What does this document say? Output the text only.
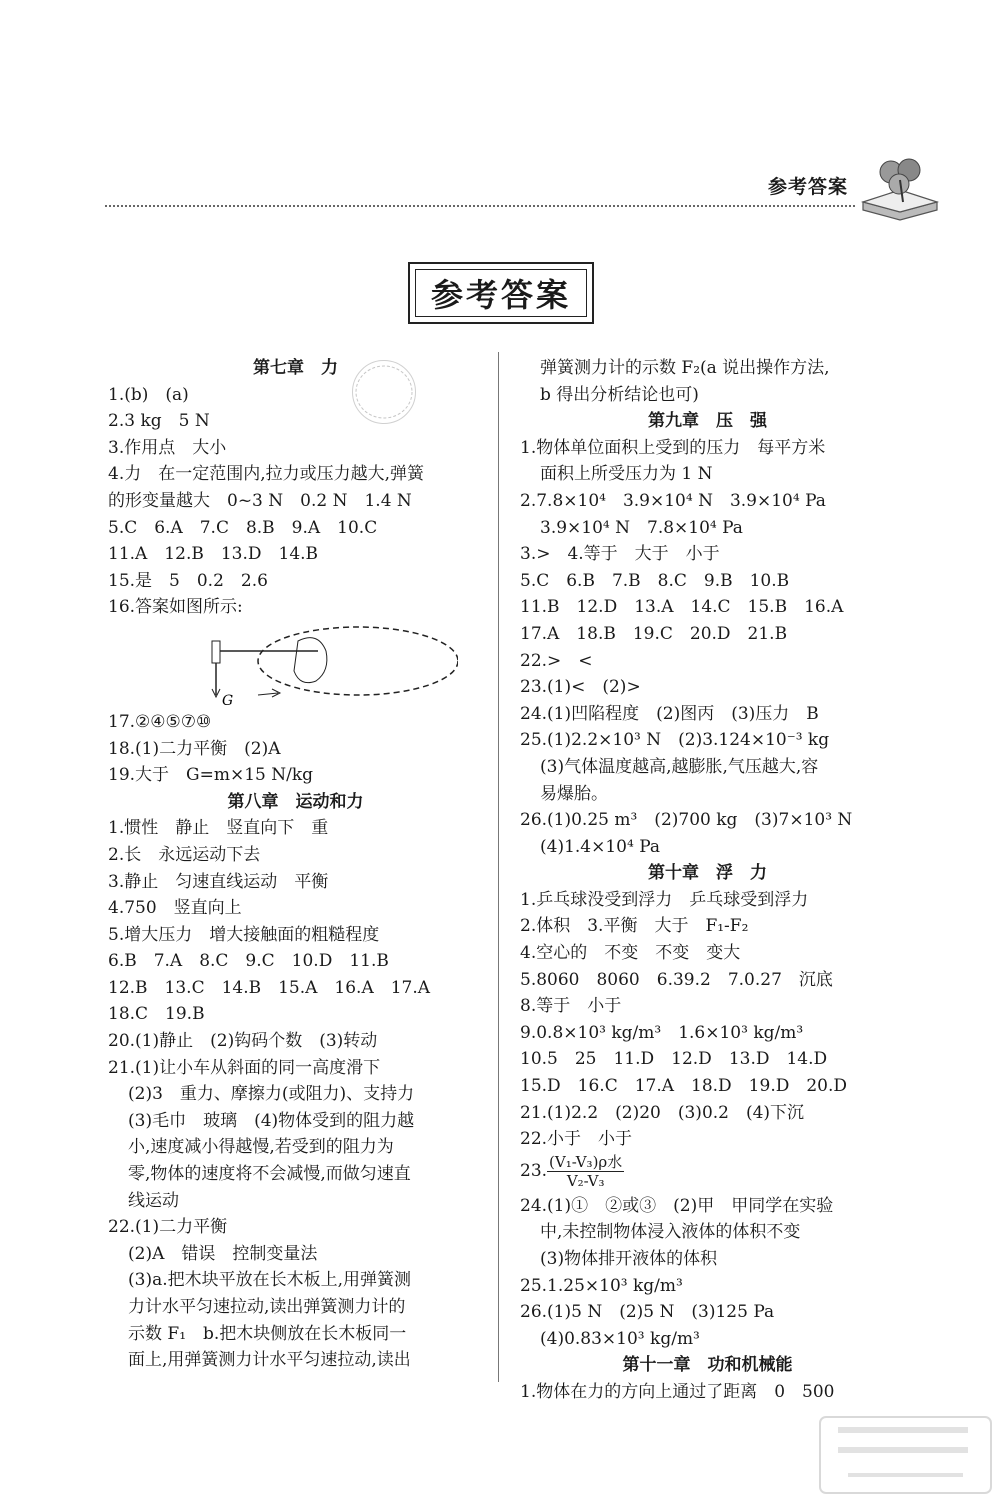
参考答案
参考答案
第七章　力
1.(b)　(a)
2.3 kg　5 N
3.作用点　大小
4.力　在一定范围内,拉力或压力越大,弹簧
的形变量越大　0~3 N　0.2 N　1.4 N
5.C　6.A　7.C　8.B　9.A　10.C
11.A　12.B　13.D　14.B
15.是　5　0.2　2.6
16.答案如图所示:
G
17.②④⑤⑦⑩
18.(1)二力平衡　(2)A
19.大于　G=m×15 N/kg
第八章　运动和力
1.惯性　静止　竖直向下　重
2.长　永远运动下去
3.静止　匀速直线运动　平衡
4.750　竖直向上
5.增大压力　增大接触面的粗糙程度
6.B　7.A　8.C　9.C　10.D　11.B
12.B　13.C　14.B　15.A　16.A　17.A
18.C　19.B
20.(1)静止　(2)钩码个数　(3)转动
21.(1)让小车从斜面的同一高度滑下
(2)3　重力、摩擦力(或阻力)、支持力
(3)毛巾　玻璃　(4)物体受到的阻力越
小,速度减小得越慢,若受到的阻力为
零,物体的速度将不会减慢,而做匀速直
线运动
22.(1)二力平衡
(2)A　错误　控制变量法
(3)a.把木块平放在长木板上,用弹簧测
力计水平匀速拉动,读出弹簧测力计的
示数 F₁　b.把木块侧放在长木板同一
面上,用弹簧测力计水平匀速拉动,读出
弹簧测力计的示数 F₂(a 说出操作方法,
b 得出分析结论也可)
第九章　压　强
1.物体单位面积上受到的压力　每平方米
面积上所受压力为 1 N
2.7.8×10⁴　3.9×10⁴ N　3.9×10⁴ Pa
3.9×10⁴ N　7.8×10⁴ Pa
3.>　4.等于　大于　小于
5.C　6.B　7.B　8.C　9.B　10.B
11.B　12.D　13.A　14.C　15.B　16.A
17.A　18.B　19.C　20.D　21.B
22.>　<
23.(1)<　(2)>
24.(1)凹陷程度　(2)图丙　(3)压力　B
25.(1)2.2×10³ N　(2)3.124×10⁻³ kg
(3)气体温度越高,越膨胀,气压越大,容
易爆胎。
26.(1)0.25 m³　(2)700 kg　(3)7×10³ N
(4)1.4×10⁴ Pa
第十章　浮　力
1.乒乓球没受到浮力　乒乓球受到浮力
2.体积　3.平衡　大于　F₁-F₂
4.空心的　不变　不变　变大
5.8060　8060　6.39.2　7.0.27　沉底
8.等于　小于
9.0.8×10³ kg/m³　1.6×10³ kg/m³
10.5　25　11.D　12.D　13.D　14.D
15.D　16.C　17.A　18.D　19.D　20.D
21.(1)2.2　(2)20　(3)0.2　(4)下沉
22.小于　小于
23. $\frac{\text{(V₁-V₃)ρ水}}{\text{V₂-V₃}}$
24.(1)①　②或③　(2)甲　甲同学在实验
中,未控制物体浸入液体的体积不变
(3)物体排开液体的体积
25.1.25×10³ kg/m³
26.(1)5 N　(2)5 N　(3)125 Pa
(4)0.83×10³ kg/m³
第十一章　功和机械能
1.物体在力的方向上通过了距离　0　500
